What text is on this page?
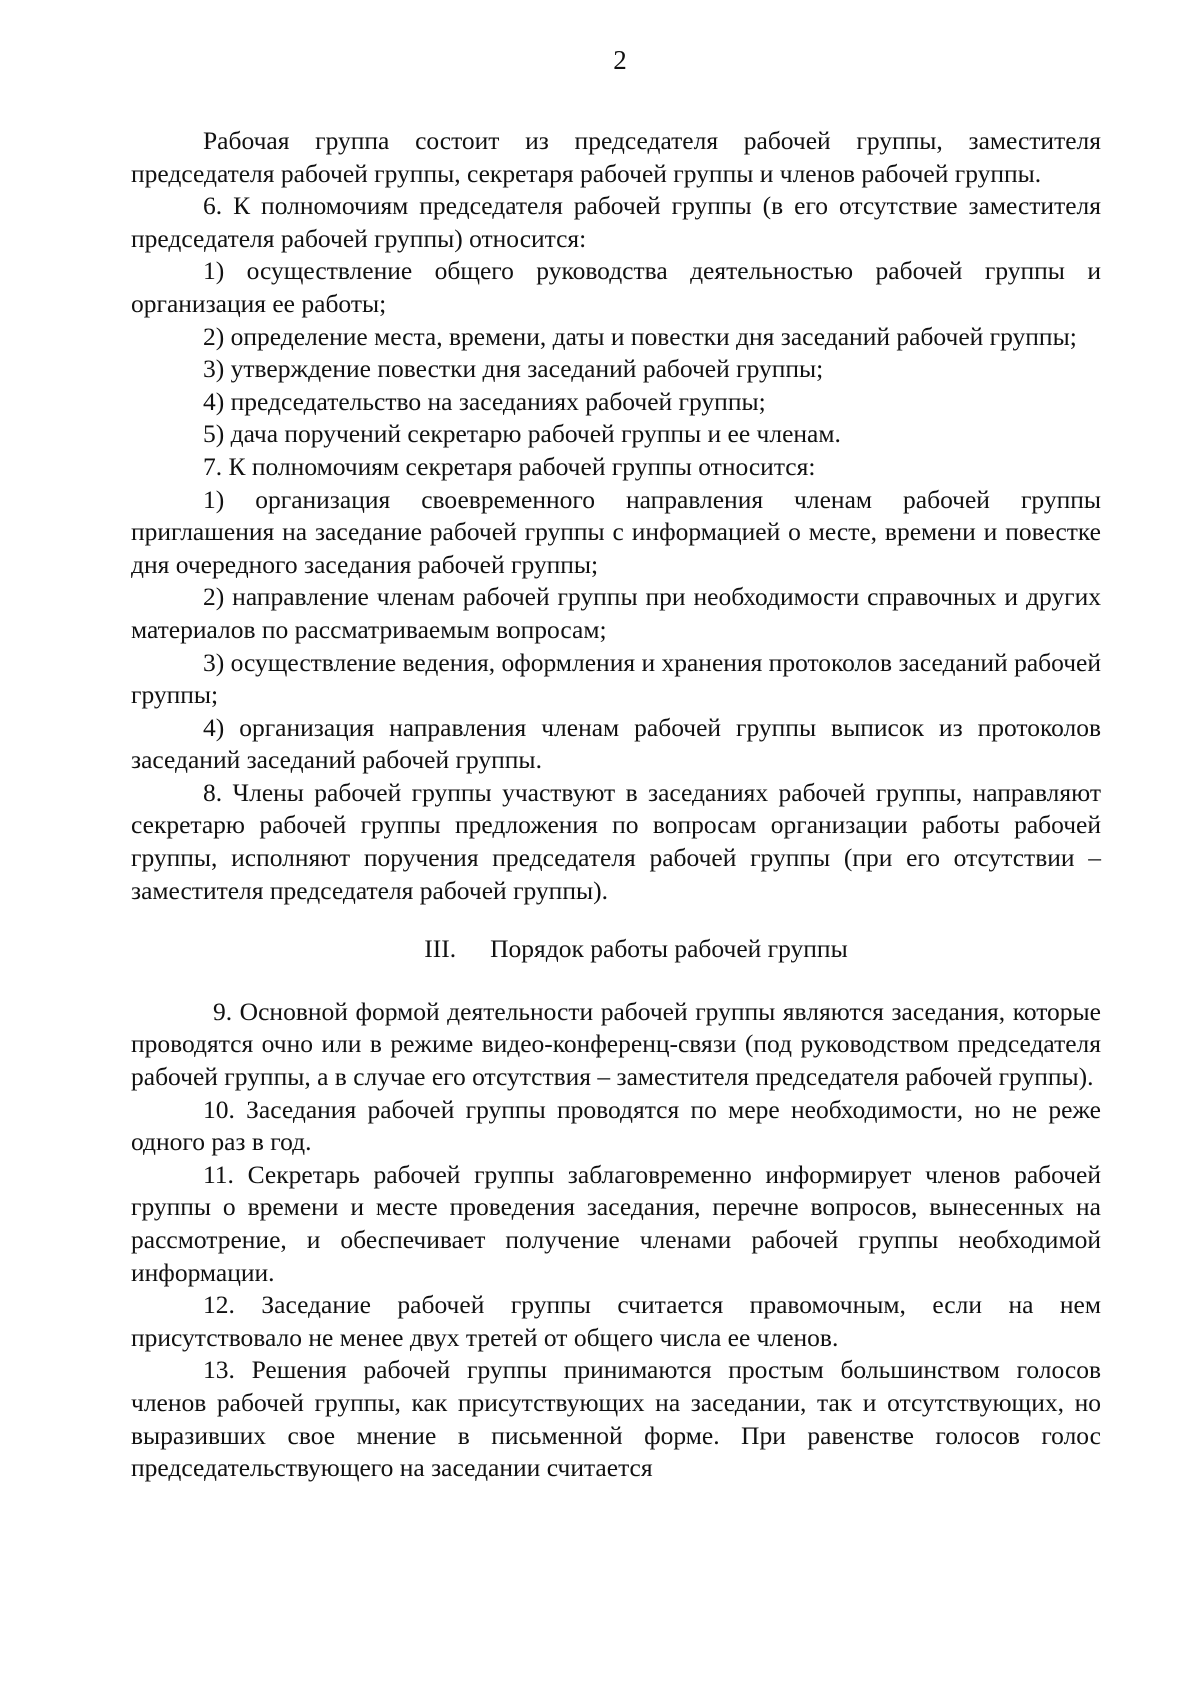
2

Рабочая группа состоит из председателя рабочей группы, заместителя председателя рабочей группы, секретаря рабочей группы и членов рабочей группы.

6. К полномочиям председателя рабочей группы (в его отсутствие заместителя председателя рабочей группы) относится:

1) осуществление общего руководства деятельностью рабочей группы и организация ее работы;

2) определение места, времени, даты и повестки дня заседаний рабочей группы;

3) утверждение повестки дня заседаний рабочей группы;

4) председательство на заседаниях рабочей группы;

5) дача поручений секретарю рабочей группы и ее членам.

7. К полномочиям секретаря рабочей группы относится:

1) организация своевременного направления членам рабочей группы приглашения на заседание рабочей группы с информацией о месте, времени и повестке дня очередного заседания рабочей группы;

2) направление членам рабочей группы при необходимости справочных и других материалов по рассматриваемым вопросам;

3) осуществление ведения, оформления и хранения протоколов заседаний рабочей группы;

4) организация направления членам рабочей группы выписок из протоколов заседаний заседаний рабочей группы.

8. Члены рабочей группы участвуют в заседаниях рабочей группы, направляют секретарю рабочей группы предложения по вопросам организации работы рабочей группы, исполняют поручения председателя рабочей группы (при его отсутствии – заместителя председателя рабочей группы).

III. Порядок работы рабочей группы

9. Основной формой деятельности рабочей группы являются заседания, которые проводятся очно или в режиме видео-конференц-связи (под руководством председателя рабочей группы, а в случае его отсутствия – заместителя председателя рабочей группы).

10. Заседания рабочей группы проводятся по мере необходимости, но не реже одного раз в год.

11. Секретарь рабочей группы заблаговременно информирует членов рабочей группы о времени и месте проведения заседания, перечне вопросов, вынесенных на рассмотрение, и обеспечивает получение членами рабочей группы необходимой информации.

12. Заседание рабочей группы считается правомочным, если на нем присутствовало не менее двух третей от общего числа ее членов.

13. Решения рабочей группы принимаются простым большинством голосов членов рабочей группы, как присутствующих на заседании, так и отсутствующих, но выразивших свое мнение в письменной форме. При равенстве голосов голос председательствующего на заседании считается
